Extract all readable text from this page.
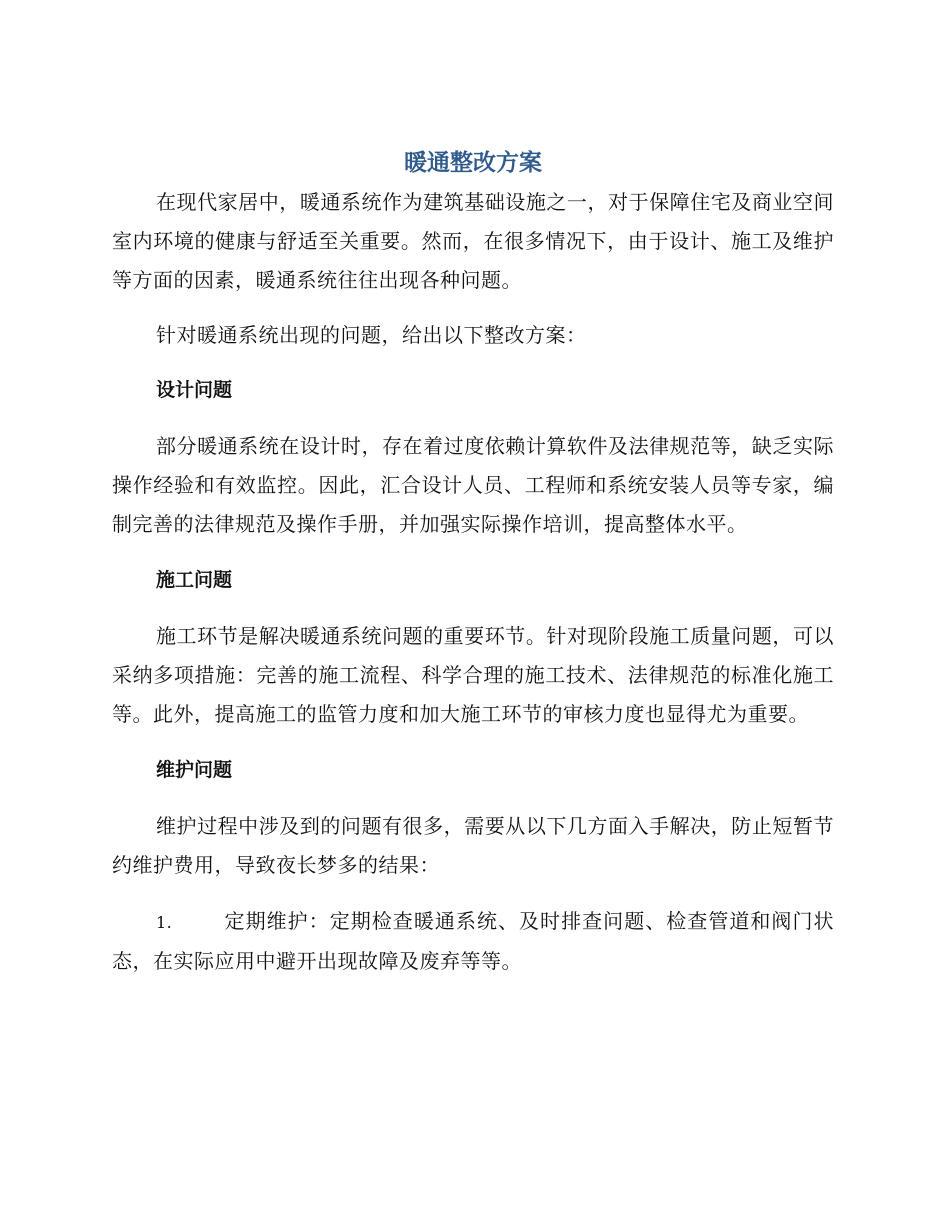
暖通整改方案

在现代家居中，暖通系统作为建筑基础设施之一，对于保障住宅及商业空间室内环境的健康与舒适至关重要。然而，在很多情况下，由于设计、施工及维护等方面的因素，暖通系统往往出现各种问题。

针对暖通系统出现的问题，给出以下整改方案：

设计问题

部分暖通系统在设计时，存在着过度依赖计算软件及法律规范等，缺乏实际操作经验和有效监控。因此，汇合设计人员、工程师和系统安装人员等专家，编制完善的法律规范及操作手册，并加强实际操作培训，提高整体水平。

施工问题

施工环节是解决暖通系统问题的重要环节。针对现阶段施工质量问题，可以采纳多项措施：完善的施工流程、科学合理的施工技术、法律规范的标准化施工等。此外，提高施工的监管力度和加大施工环节的审核力度也显得尤为重要。

维护问题

维护过程中涉及到的问题有很多，需要从以下几方面入手解决，防止短暂节约维护费用，导致夜长梦多的结果：

1.	定期维护：定期检查暖通系统、及时排查问题、检查管道和阀门状态，在实际应用中避开出现故障及废弃等等。
